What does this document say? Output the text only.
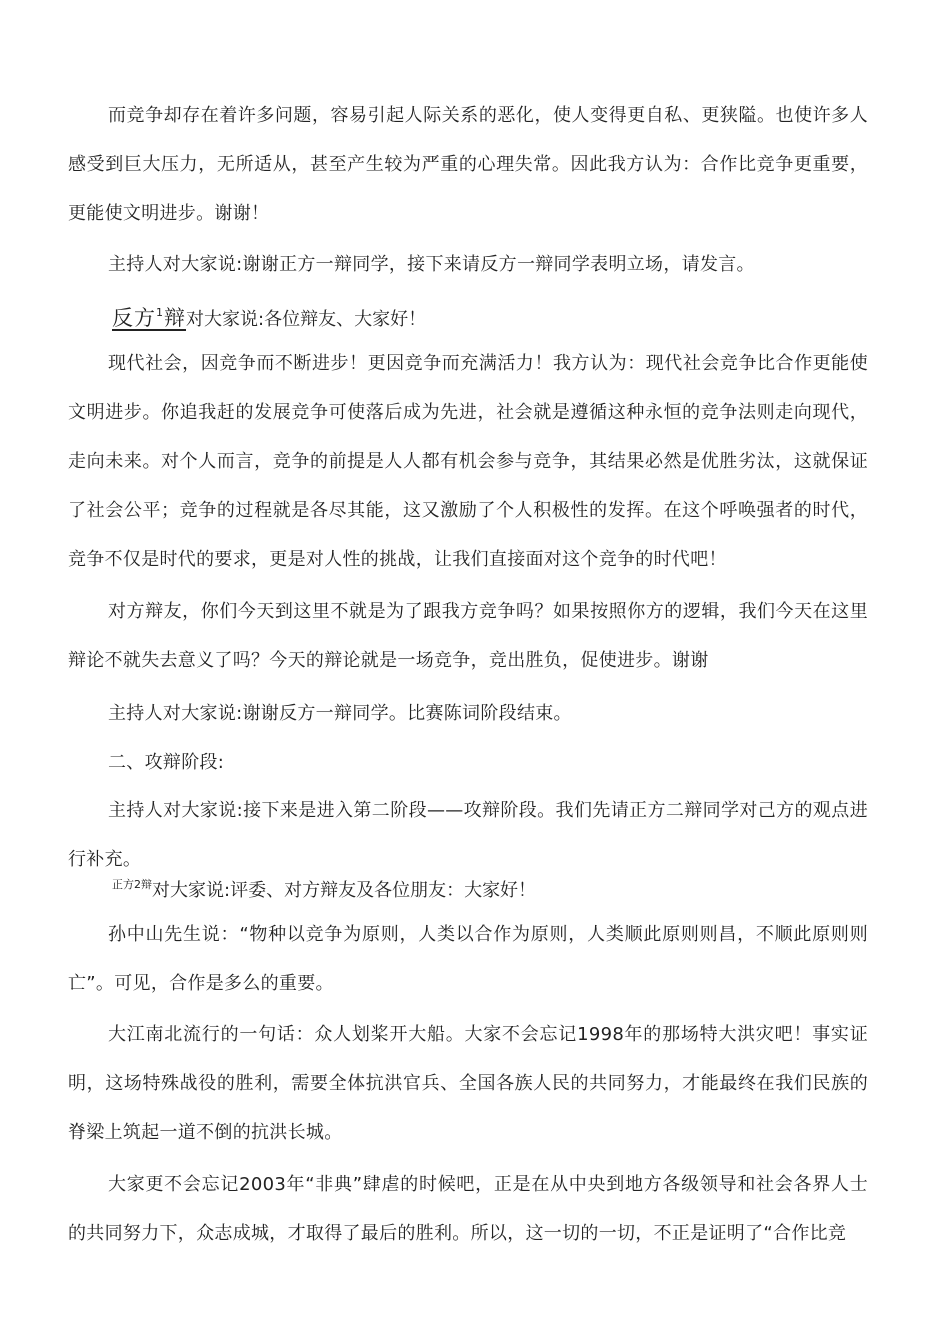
而竞争却存在着许多问题，容易引起人际关系的恶化，使人变得更自私、更狭隘。也使许多人感受到巨大压力，无所适从，甚至产生较为严重的心理失常。因此我方认为：合作比竞争更重要，更能使文明进步。谢谢！

主持人对大家说:谢谢正方一辩同学，接下来请反方一辩同学表明立场，请发言。

反方$^1$辩对大家说:各位辩友、大家好！

现代社会，因竞争而不断进步！更因竞争而充满活力！我方认为：现代社会竞争比合作更能使文明进步。你追我赶的发展竞争可使落后成为先进，社会就是遵循这种永恒的竞争法则走向现代，走向未来。对个人而言，竞争的前提是人人都有机会参与竞争，其结果必然是优胜劣汰，这就保证了社会公平；竞争的过程就是各尽其能，这又激励了个人积极性的发挥。在这个呼唤强者的时代，竞争不仅是时代的要求，更是对人性的挑战，让我们直接面对这个竞争的时代吧！

对方辩友，你们今天到这里不就是为了跟我方竞争吗？如果按照你方的逻辑，我们今天在这里辩论不就失去意义了吗？今天的辩论就是一场竞争，竞出胜负，促使进步。谢谢

主持人对大家说:谢谢反方一辩同学。比赛陈词阶段结束。

二、攻辩阶段:

主持人对大家说:接下来是进入第二阶段——攻辩阶段。我们先请正方二辩同学对己方的观点进行补充。

$^{正方2辩}$对大家说:评委、对方辩友及各位朋友：大家好！

孙中山先生说：“物种以竞争为原则，人类以合作为原则，人类顺此原则则昌，不顺此原则则亡”。可见，合作是多么的重要。

大江南北流行的一句话：众人划桨开大船。大家不会忘记1998年的那场特大洪灾吧！事实证明，这场特殊战役的胜利，需要全体抗洪官兵、全国各族人民的共同努力，才能最终在我们民族的脊梁上筑起一道不倒的抗洪长城。

大家更不会忘记2003年“非典”肆虐的时候吧，正是在从中央到地方各级领导和社会各界人士的共同努力下，众志成城，才取得了最后的胜利。所以，这一切的一切，不正是证明了“合作比竞
